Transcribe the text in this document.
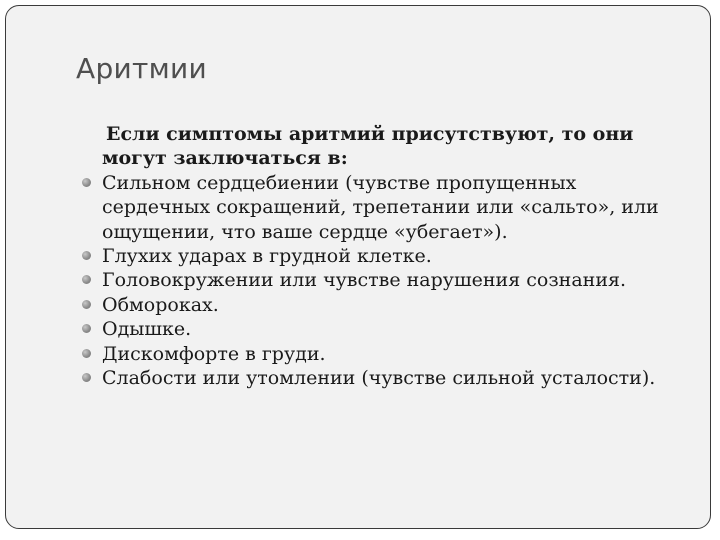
Аритмии

Если симптомы аритмий присутствуют, то они могут заключаться в:

Сильном сердцебиении (чувстве пропущенных сердечных сокращений, трепетании или «сальто», или ощущении, что ваше сердце «убегает»).
Глухих ударах в грудной клетке.
Головокружении или чувстве нарушения сознания.
Обмороках.
Одышке.
Дискомфорте в груди.
Слабости или утомлении (чувстве сильной усталости).
